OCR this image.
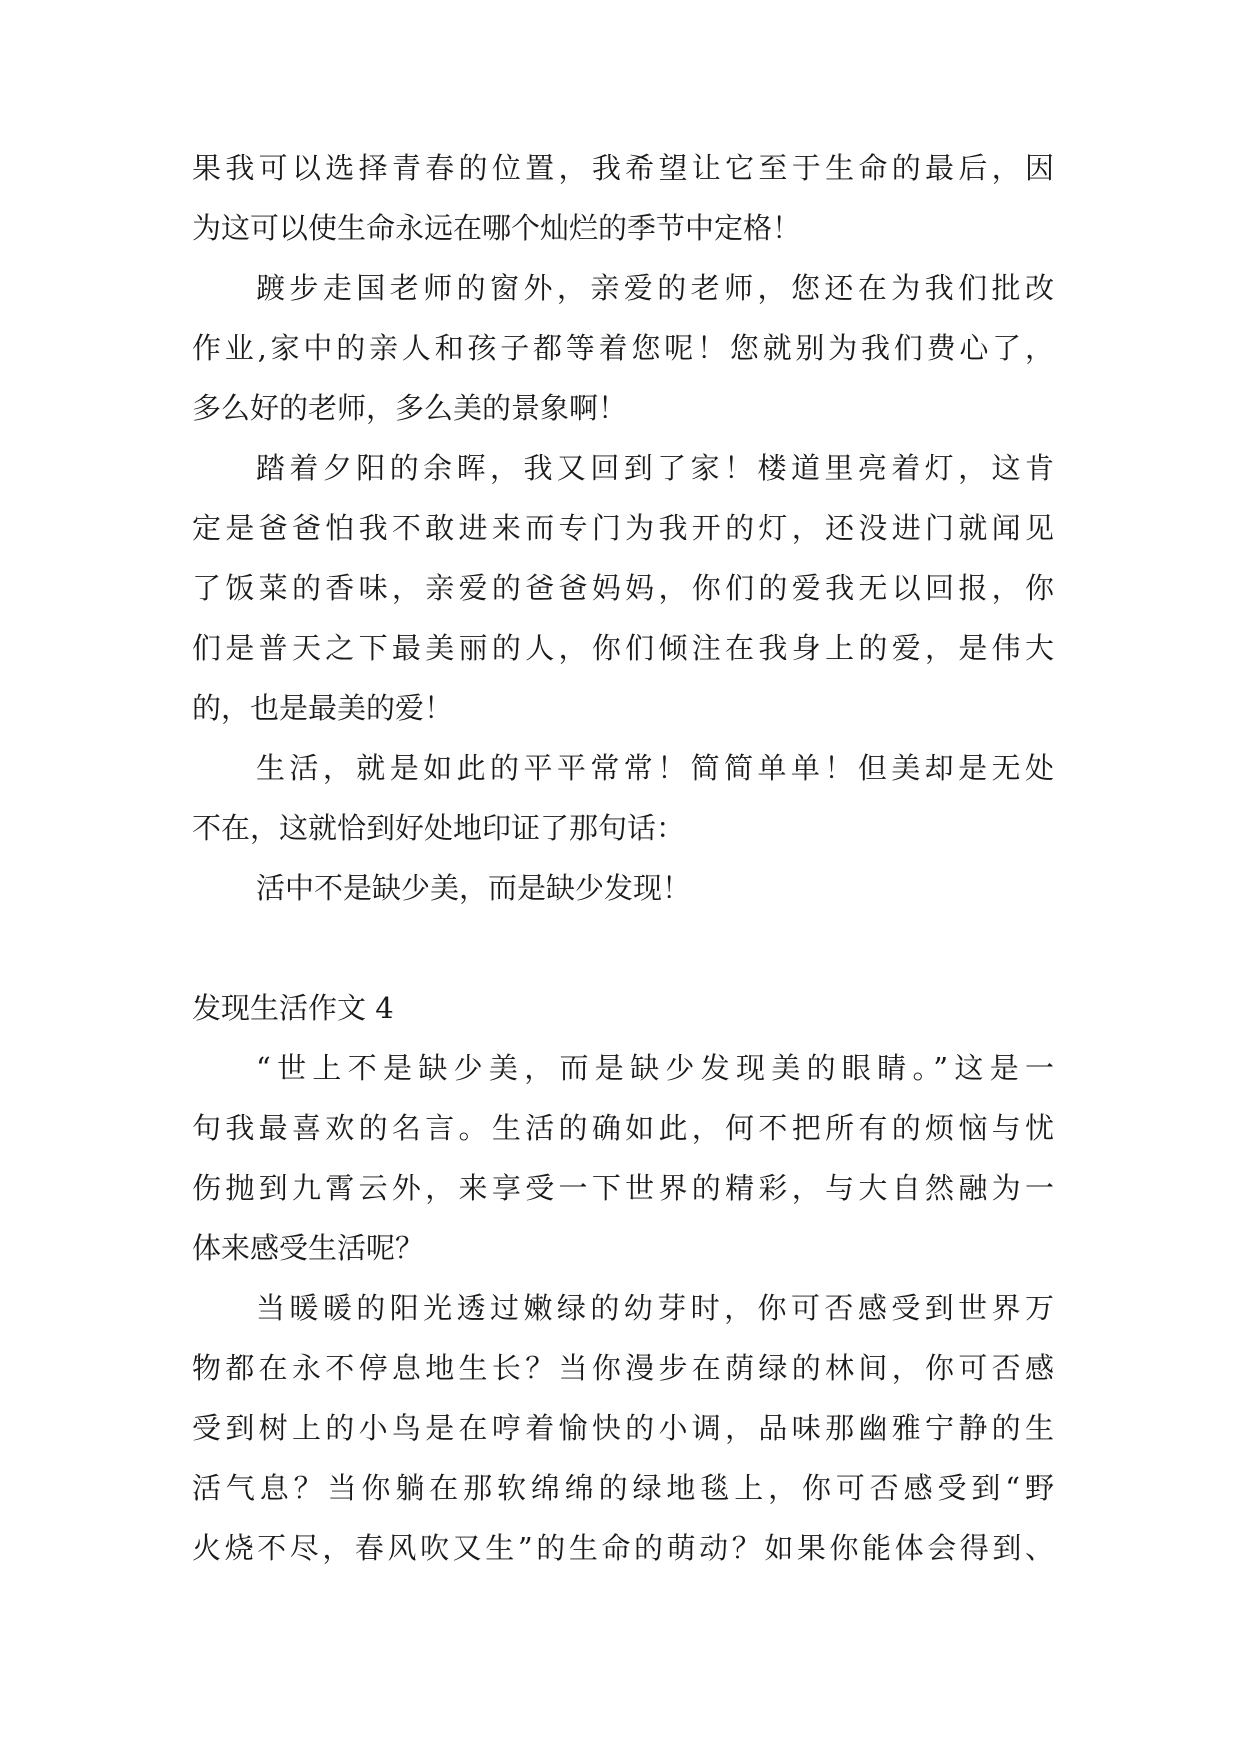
果我可以选择青春的位置，我希望让它至于生命的最后，因
为这可以使生命永远在哪个灿烂的季节中定格！
踱步走国老师的窗外，亲爱的老师，您还在为我们批改
作业,家中的亲人和孩子都等着您呢！您就别为我们费心了，
多么好的老师，多么美的景象啊！
踏着夕阳的余晖，我又回到了家！楼道里亮着灯，这肯
定是爸爸怕我不敢进来而专门为我开的灯，还没进门就闻见
了饭菜的香味，亲爱的爸爸妈妈，你们的爱我无以回报，你
们是普天之下最美丽的人，你们倾注在我身上的爱，是伟大
的，也是最美的爱！
生活，就是如此的平平常常！简简单单！但美却是无处
不在，这就恰到好处地印证了那句话：
活中不是缺少美，而是缺少发现！
发现生活作文 4
“世上不是缺少美，而是缺少发现美的眼睛。”这是一
句我最喜欢的名言。生活的确如此，何不把所有的烦恼与忧
伤抛到九霄云外，来享受一下世界的精彩，与大自然融为一
体来感受生活呢？
当暖暖的阳光透过嫩绿的幼芽时，你可否感受到世界万
物都在永不停息地生长？当你漫步在荫绿的林间，你可否感
受到树上的小鸟是在哼着愉快的小调，品味那幽雅宁静的生
活气息？当你躺在那软绵绵的绿地毯上，你可否感受到“野
火烧不尽，春风吹又生”的生命的萌动？如果你能体会得到、
